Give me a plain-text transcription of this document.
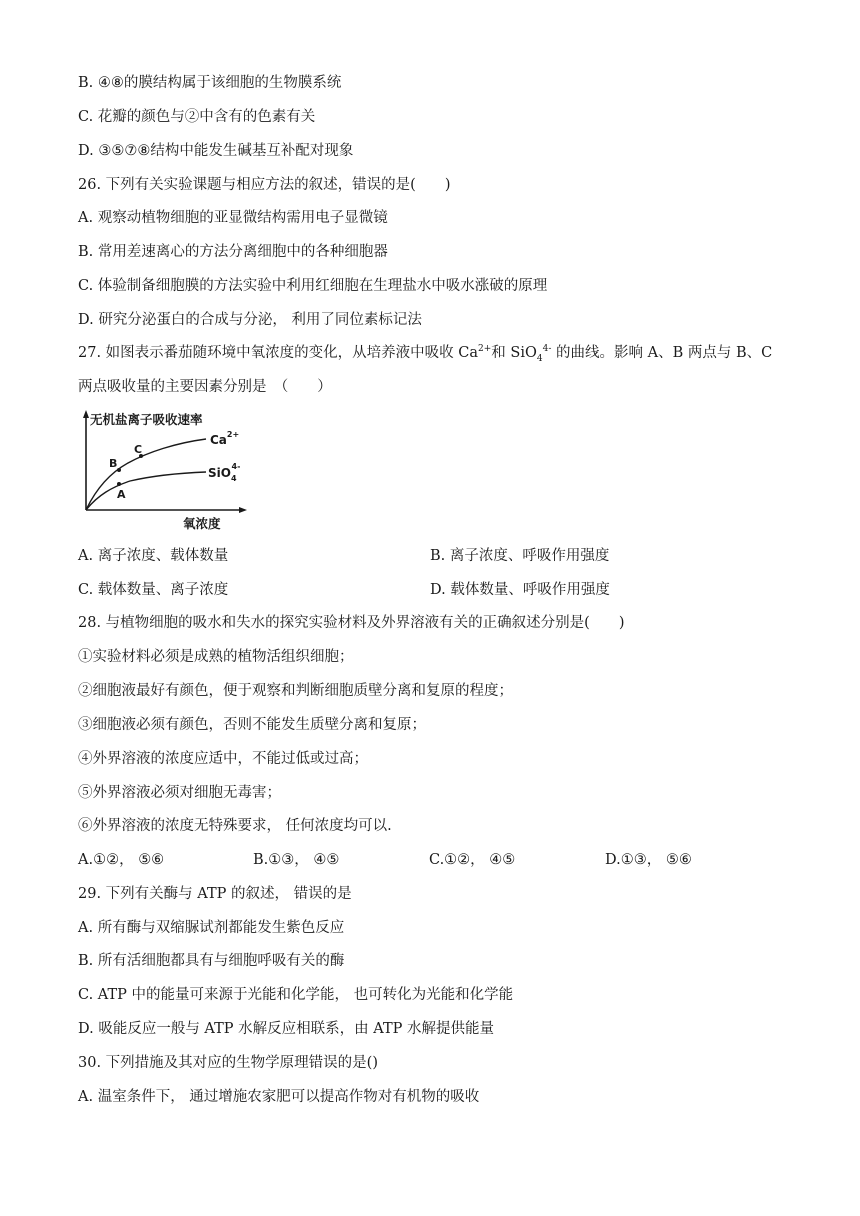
B. ④⑧的膜结构属于该细胞的生物膜系统
C. 花瓣的颜色与②中含有的色素有关
D. ③⑤⑦⑧结构中能发生碱基互补配对现象
26. 下列有关实验课题与相应方法的叙述，错误的是(　　)
A. 观察动植物细胞的亚显微结构需用电子显微镜
B. 常用差速离心的方法分离细胞中的各种细胞器
C. 体验制备细胞膜的方法实验中利用红细胞在生理盐水中吸水涨破的原理
D. 研究分泌蛋白的合成与分泌， 利用了同位素标记法
27. 如图表示番茄随环境中氧浓度的变化，从培养液中吸收 $Ca^{2+}$和 SiO$_4^{4-}$ 的曲线。影响 A、B 两点与 B、C
两点吸收量的主要因素分别是　（　　）
无机盐离子吸收速率
氧浓度
B
C
A
$Ca^{2+}$
SiO$_4$4-
A. 离子浓度、载体数量	B. 离子浓度、呼吸作用强度
C. 载体数量、离子浓度	D. 载体数量、呼吸作用强度
28. 与植物细胞的吸水和失水的探究实验材料及外界溶液有关的正确叙述分别是(　　)
①实验材料必须是成熟的植物活组织细胞；
②细胞液最好有颜色，便于观察和判断细胞质壁分离和复原的程度；
③细胞液必须有颜色，否则不能发生质壁分离和复原；
④外界溶液的浓度应适中，不能过低或过高；
⑤外界溶液必须对细胞无毒害；
⑥外界溶液的浓度无特殊要求， 任何浓度均可以.
A.①②， ⑤⑥	B.①③， ④⑤	C.①②， ④⑤	D.①③， ⑤⑥
29. 下列有关酶与 ATP 的叙述， 错误的是
A. 所有酶与双缩脲试剂都能发生紫色反应
B. 所有活细胞都具有与细胞呼吸有关的酶
C. ATP 中的能量可来源于光能和化学能， 也可转化为光能和化学能
D. 吸能反应一般与 ATP 水解反应相联系，由 ATP 水解提供能量
30. 下列措施及其对应的生物学原理错误的是()
A. 温室条件下， 通过增施农家肥可以提高作物对有机物的吸收
